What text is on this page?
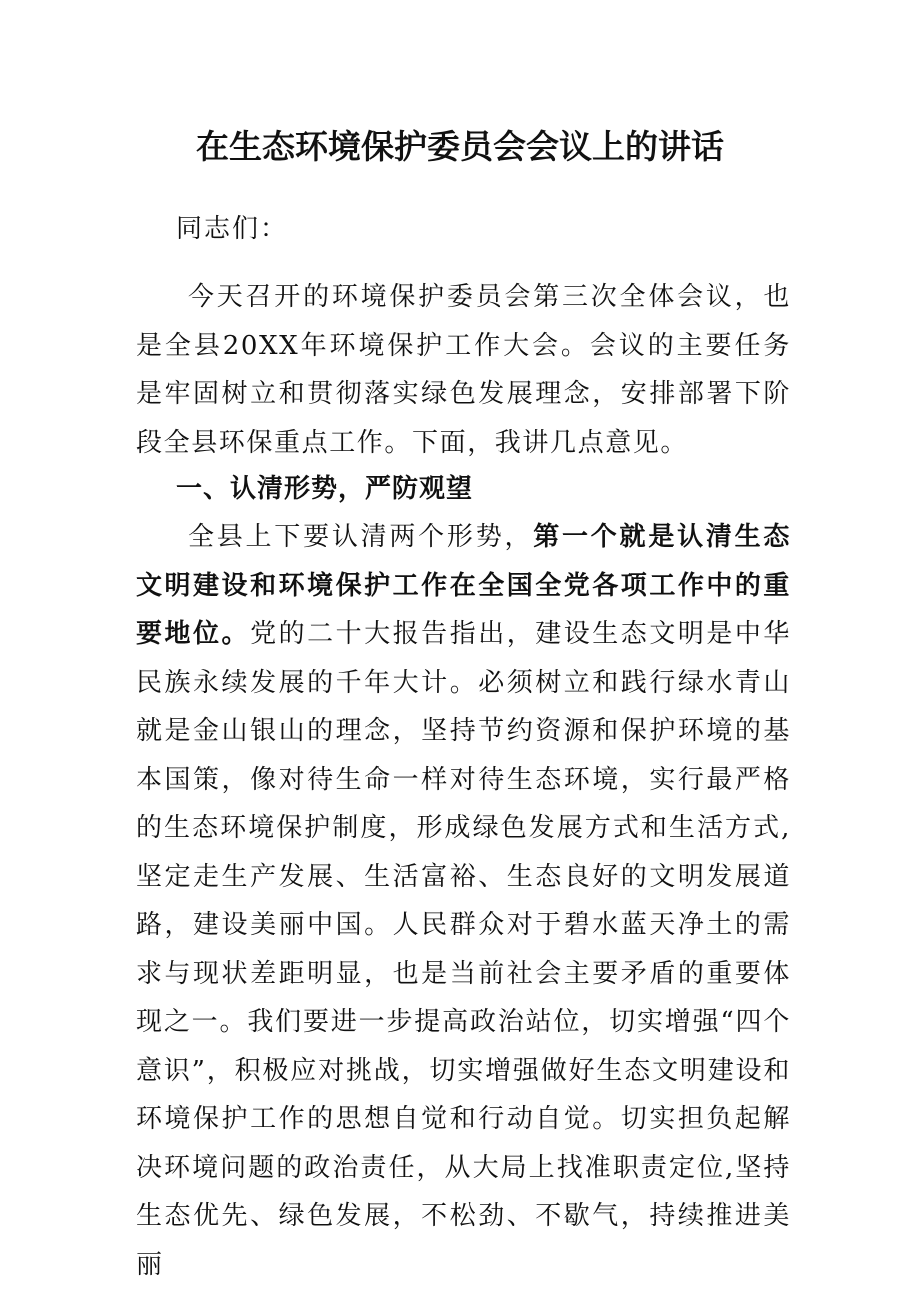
在生态环境保护委员会会议上的讲话

同志们：

今天召开的环境保护委员会第三次全体会议，也是全县20XX年环境保护工作大会。会议的主要任务是牢固树立和贯彻落实绿色发展理念，安排部署下阶段全县环保重点工作。下面，我讲几点意见。

一、认清形势，严防观望

全县上下要认清两个形势，第一个就是认清生态文明建设和环境保护工作在全国全党各项工作中的重要地位。党的二十大报告指出，建设生态文明是中华民族永续发展的千年大计。必须树立和践行绿水青山就是金山银山的理念，坚持节约资源和保护环境的基本国策，像对待生命一样对待生态环境，实行最严格的生态环境保护制度，形成绿色发展方式和生活方式,坚定走生产发展、生活富裕、生态良好的文明发展道路，建设美丽中国。人民群众对于碧水蓝天净土的需求与现状差距明显，也是当前社会主要矛盾的重要体现之一。我们要进一步提高政治站位，切实增强“四个意识”，积极应对挑战，切实增强做好生态文明建设和环境保护工作的思想自觉和行动自觉。切实担负起解决环境问题的政治责任，从大局上找准职责定位,坚持生态优先、绿色发展，不松劲、不歇气，持续推进美丽
